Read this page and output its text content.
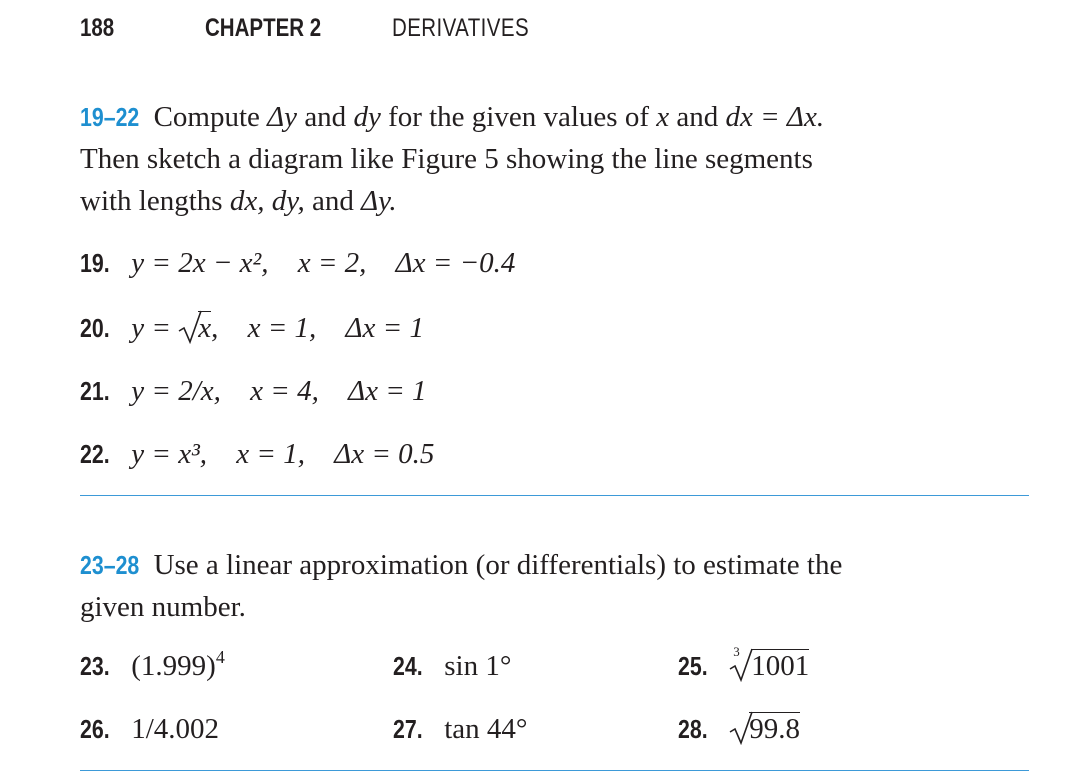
188	CHAPTER 2	DERIVATIVES
19–22 Compute Δy and dy for the given values of x and dx = Δx.
Then sketch a diagram like Figure 5 showing the line segments
with lengths dx, dy, and Δy.
19. y = 2x − x², x = 2, Δx = −0.4
20. y =
x, x = 1, Δx = 1
21. y = 2/x, x = 4, Δx = 1
22. y = x³, x = 1, Δx = 0.5
23–28 Use a linear approximation (or differentials) to estimate the
given number.
23. $(1.999)^4$	24. sin 1°	25. 3 1001
26. 1/4.002	27. tan 44°	28. 99.8
